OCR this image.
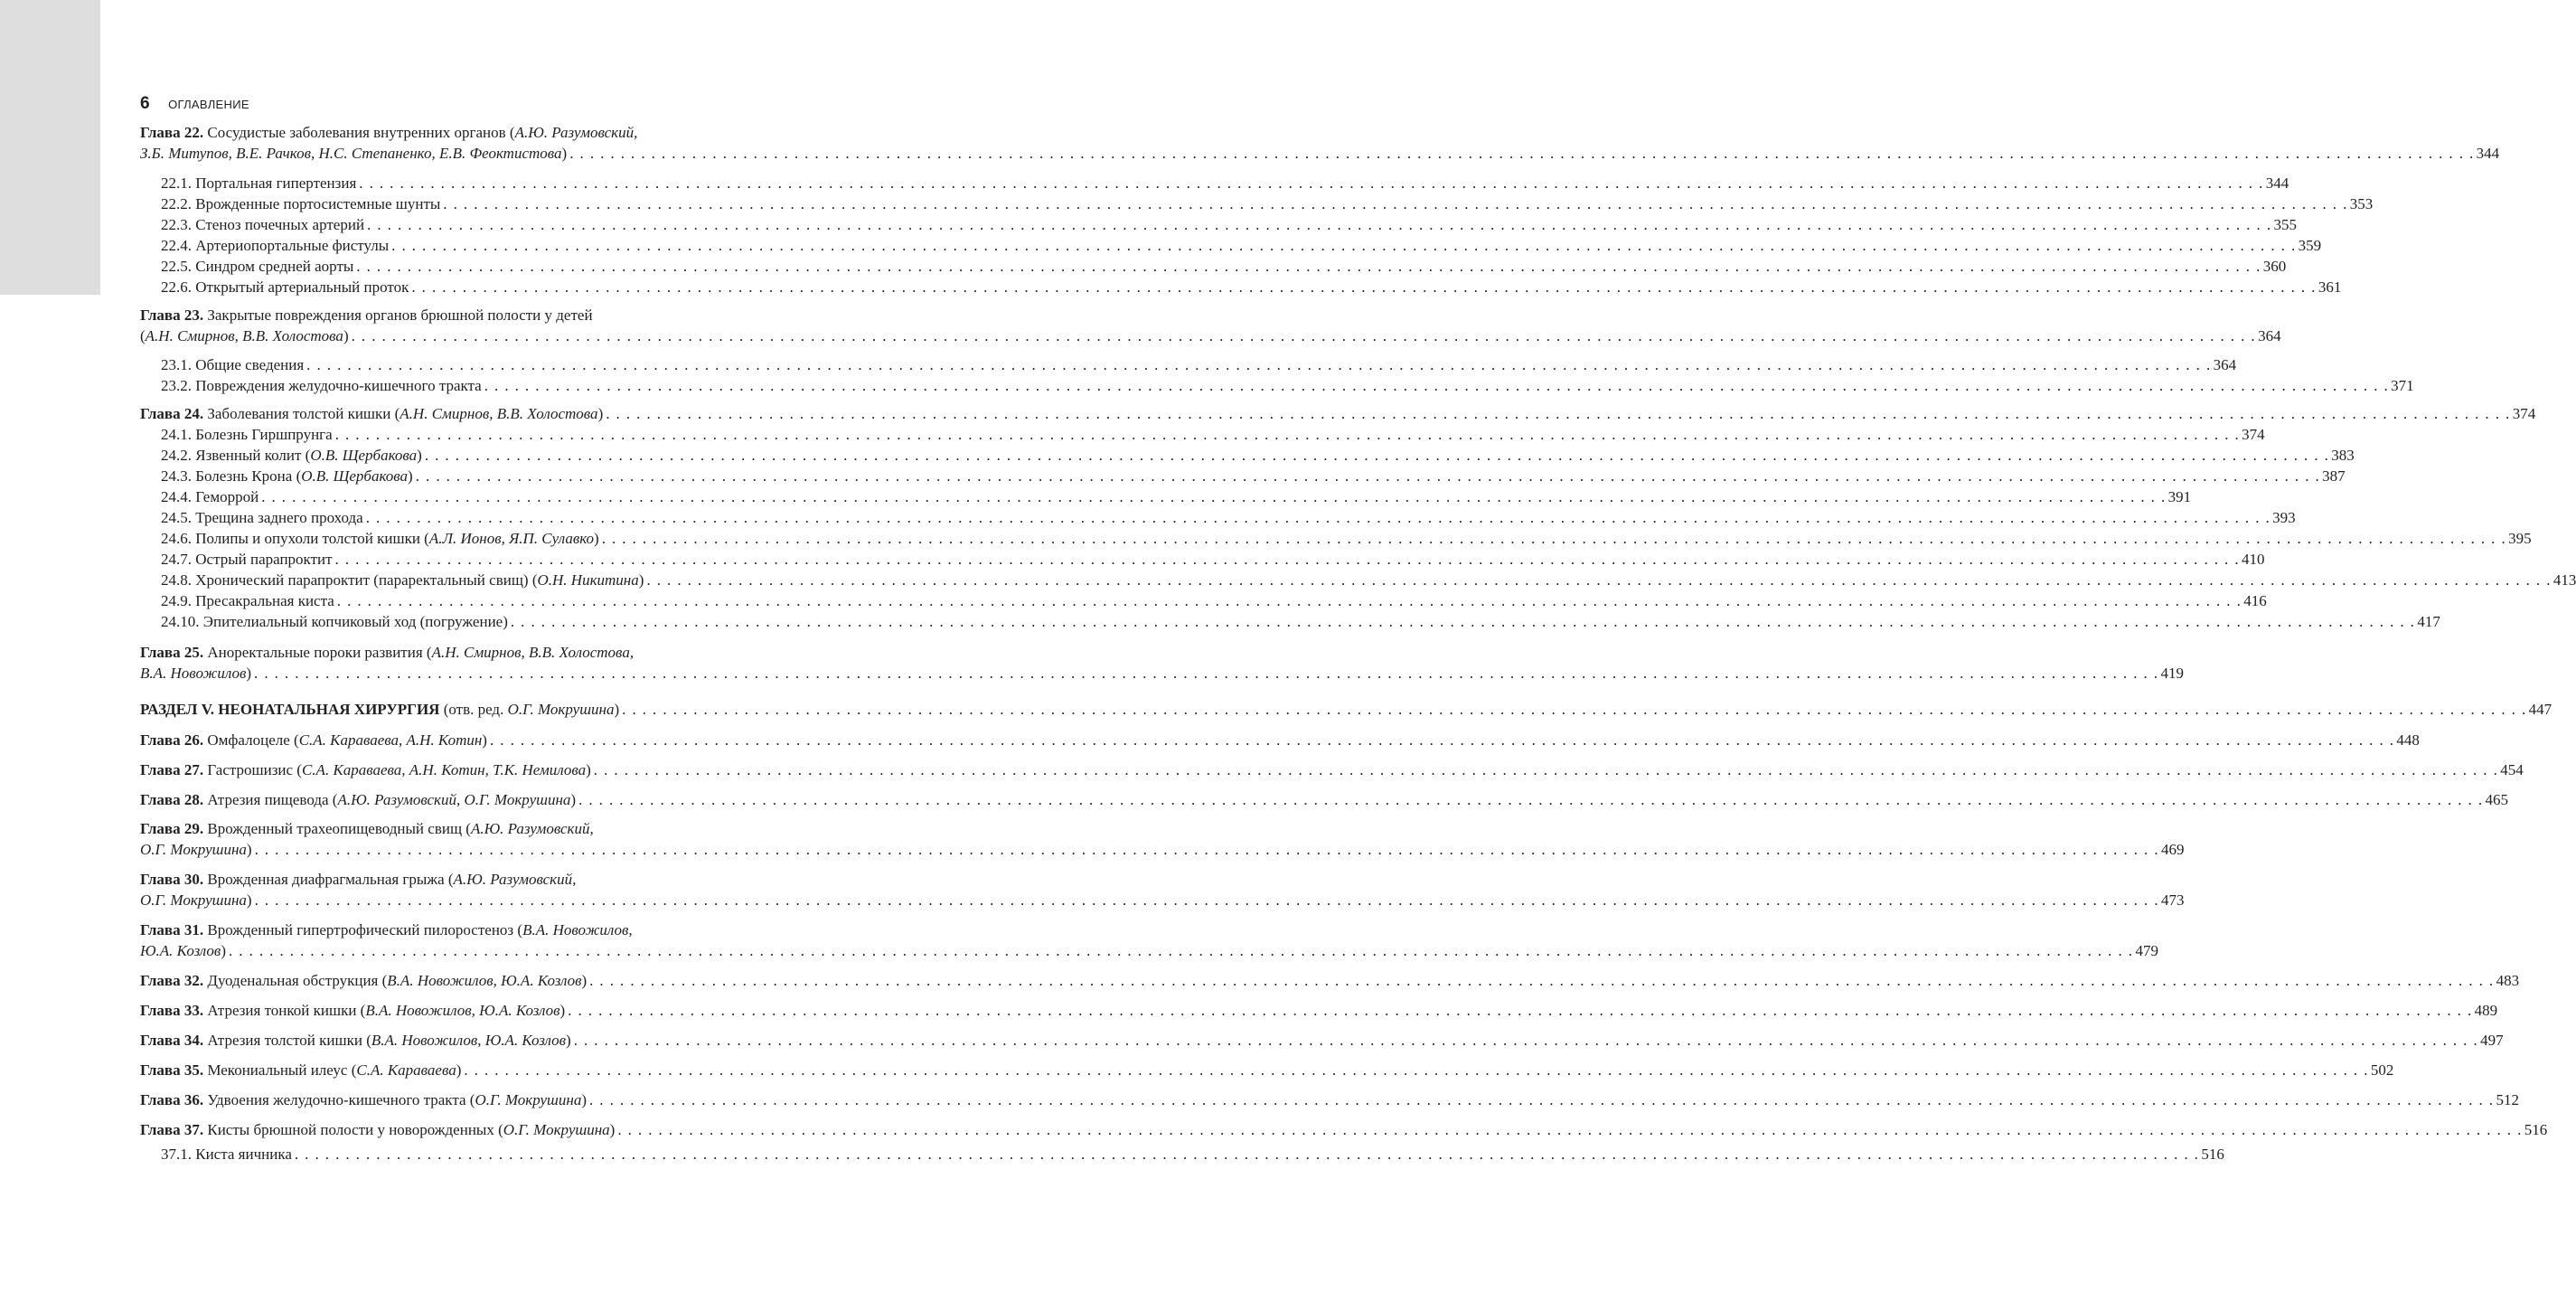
6 ОГЛАВЛЕНИЕ
Глава 22. Сосудистые заболевания внутренних органов (А.Ю. Разумовский,
З.Б. Митупов, В.Е. Рачков, Н.С. Степаненко, Е.В. Феоктистова) . . .	344
22.1. Портальная гипертензия . . .	344
22.2. Врожденные портосистемные шунты . . .	353
22.3. Стеноз почечных артерий . . .	355
22.4. Артериопортальные фистулы . . .	359
22.5. Синдром средней аорты . . .	360
22.6. Открытый артериальный проток . . .	361
Глава 23. Закрытые повреждения органов брюшной полости у детей
(А.Н. Смирнов, В.В. Холостова) . . .	364
23.1. Общие сведения . . .	364
23.2. Повреждения желудочно-кишечного тракта . . .	371
Глава 24. Заболевания толстой кишки (А.Н. Смирнов, В.В. Холостова) . . .	374
24.1. Болезнь Гиршпрунга . . .	374
24.2. Язвенный колит (О.В. Щербакова) . . .	383
24.3. Болезнь Крона (О.В. Щербакова) . . .	387
24.4. Геморрой . . .	391
24.5. Трещина заднего прохода . . .	393
24.6. Полипы и опухоли толстой кишки (А.Л. Ионов, Я.П. Сулавко) . . .	395
24.7. Острый парапроктит . . .	410
24.8. Хронический парапроктит (параректальный свищ) (О.Н. Никитина) . . .	413
24.9. Пресакральная киста . . .	416
24.10. Эпителиальный копчиковый ход (погружение) . . .	417
Глава 25. Аноректальные пороки развития (А.Н. Смирнов, В.В. Холостова,
В.А. Новожилов) . . .	419
РАЗДЕЛ V. НЕОНАТАЛЬНАЯ ХИРУРГИЯ (отв. ред. О.Г. Мокрушина) . . .	447
Глава 26. Омфалоцеле (С.А. Караваева, А.Н. Котин) . . .	448
Глава 27. Гастрошизис (С.А. Караваева, А.Н. Котин, Т.К. Немилова) . . .	454
Глава 28. Атрезия пищевода (А.Ю. Разумовский, О.Г. Мокрушина) . . .	465
Глава 29. Врожденный трахеопищеводный свищ (А.Ю. Разумовский,
О.Г. Мокрушина) . . .	469
Глава 30. Врожденная диафрагмальная грыжа (А.Ю. Разумовский,
О.Г. Мокрушина) . . .	473
Глава 31. Врожденный гипертрофический пилоростеноз (В.А. Новожилов,
Ю.А. Козлов) . . .	479
Глава 32. Дуоденальная обструкция (В.А. Новожилов, Ю.А. Козлов) . . .	483
Глава 33. Атрезия тонкой кишки (В.А. Новожилов, Ю.А. Козлов) . . .	489
Глава 34. Атрезия толстой кишки (В.А. Новожилов, Ю.А. Козлов) . . .	497
Глава 35. Мекониальный илеус (С.А. Караваева) . . .	502
Глава 36. Удвоения желудочно-кишечного тракта (О.Г. Мокрушина) . . .	512
Глава 37. Кисты брюшной полости у новорожденных (О.Г. Мокрушина) . . .	516
37.1. Киста яичника . . .	516
